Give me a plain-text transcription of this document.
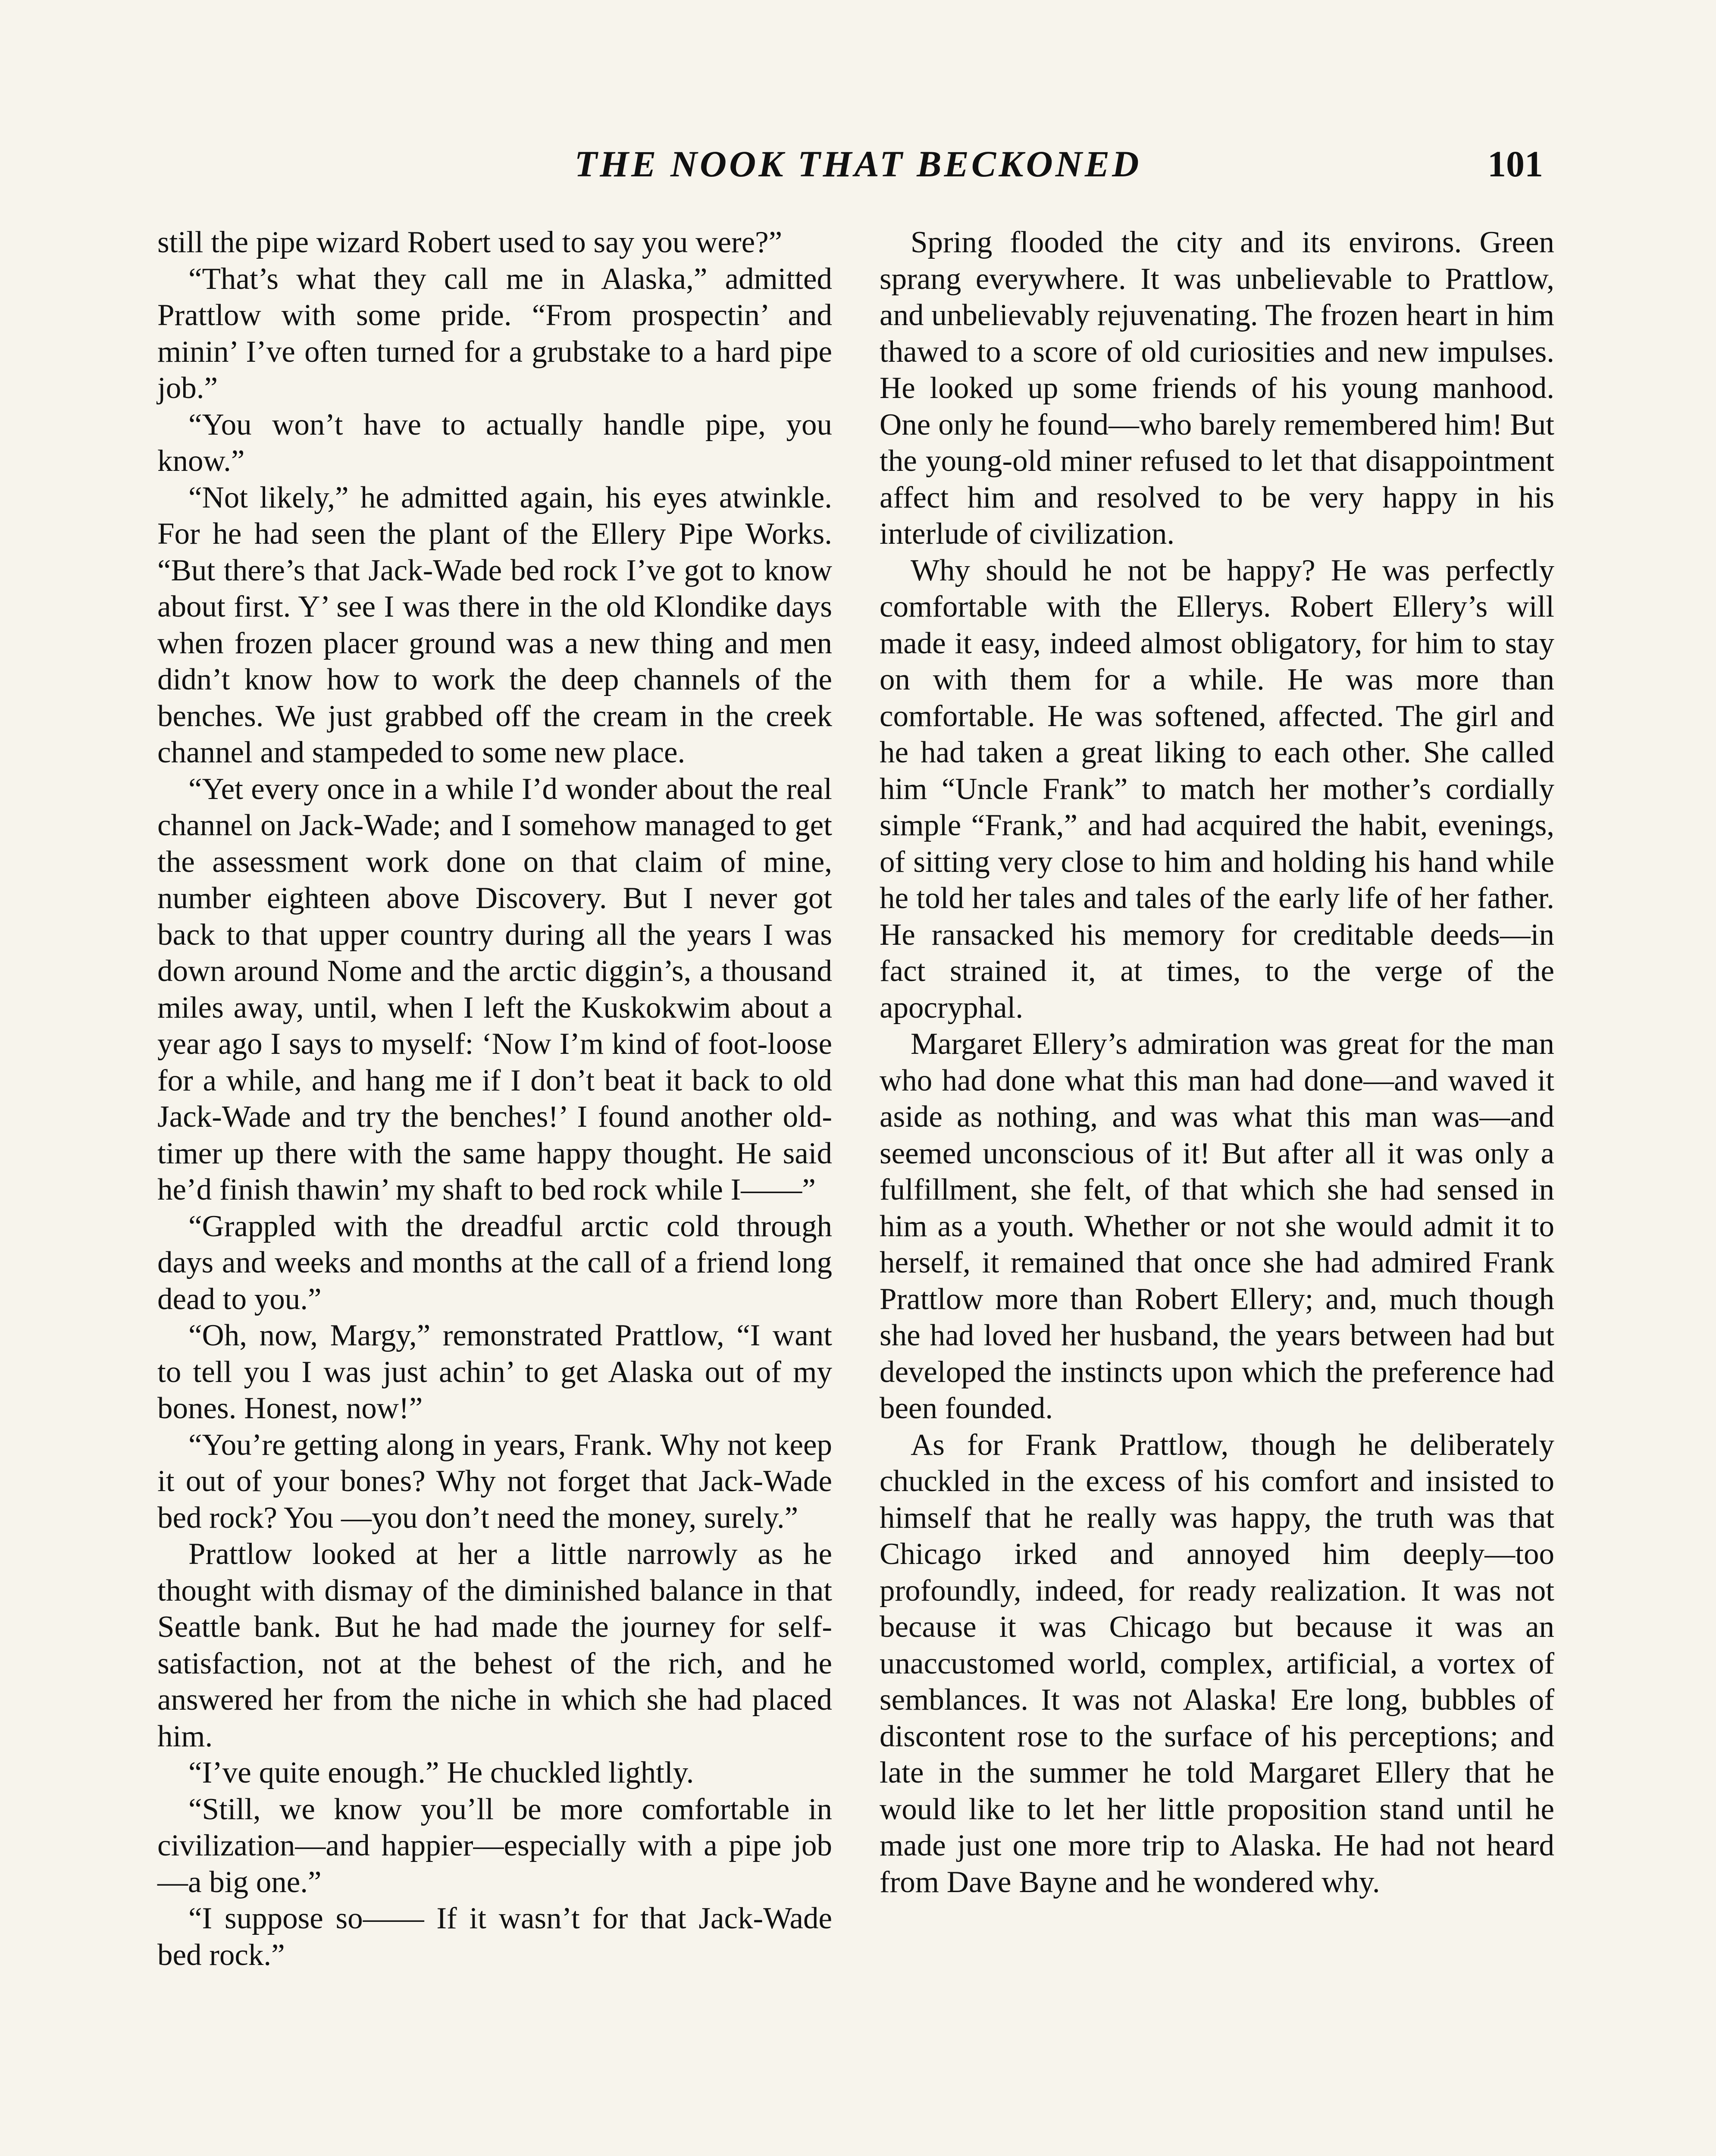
THE NOOK THAT BECKONED	101

still the pipe wizard Robert used to say you were?”

“That’s what they call me in Alaska,” admitted Prattlow with some pride. “From prospectin’ and minin’ I’ve often turned for a grubstake to a hard pipe job.”

“You won’t have to actually handle pipe, you know.”

“Not likely,” he admitted again, his eyes atwinkle. For he had seen the plant of the Ellery Pipe Works. “But there’s that Jack-Wade bed rock I’ve got to know about first. Y’ see I was there in the old Klondike days when frozen placer ground was a new thing and men didn’t know how to work the deep channels of the benches. We just grabbed off the cream in the creek channel and stampeded to some new place.

“Yet every once in a while I’d wonder about the real channel on Jack-Wade; and I somehow managed to get the assessment work done on that claim of mine, number eighteen above Discovery. But I never got back to that upper country during all the years I was down around Nome and the arctic diggin’s, a thousand miles away, until, when I left the Kuskokwim about a year ago I says to myself: ‘Now I’m kind of foot-loose for a while, and hang me if I don’t beat it back to old Jack-Wade and try the benches!’ I found another old-timer up there with the same happy thought. He said he’d finish thawin’ my shaft to bed rock while I——”

“Grappled with the dreadful arctic cold through days and weeks and months at the call of a friend long dead to you.”

“Oh, now, Margy,” remonstrated Prattlow, “I want to tell you I was just achin’ to get Alaska out of my bones. Honest, now!”

“You’re getting along in years, Frank. Why not keep it out of your bones? Why not forget that Jack-Wade bed rock? You —you don’t need the money, surely.”

Prattlow looked at her a little narrowly as he thought with dismay of the diminished balance in that Seattle bank. But he had made the journey for self-satisfaction, not at the behest of the rich, and he answered her from the niche in which she had placed him.

“I’ve quite enough.” He chuckled lightly.

“Still, we know you’ll be more comfortable in civilization—and happier—especially with a pipe job—a big one.”

“I suppose so—— If it wasn’t for that Jack-Wade bed rock.”

Spring flooded the city and its environs. Green sprang everywhere. It was unbelievable to Prattlow, and unbelievably rejuvenating. The frozen heart in him thawed to a score of old curiosities and new impulses. He looked up some friends of his young manhood. One only he found—who barely remembered him! But the young-old miner refused to let that disappointment affect him and resolved to be very happy in his interlude of civilization.

Why should he not be happy? He was perfectly comfortable with the Ellerys. Robert Ellery’s will made it easy, indeed almost obligatory, for him to stay on with them for a while. He was more than comfortable. He was softened, affected. The girl and he had taken a great liking to each other. She called him “Uncle Frank” to match her mother’s cordially simple “Frank,” and had acquired the habit, evenings, of sitting very close to him and holding his hand while he told her tales and tales of the early life of her father. He ransacked his memory for creditable deeds—in fact strained it, at times, to the verge of the apocryphal.

Margaret Ellery’s admiration was great for the man who had done what this man had done—and waved it aside as nothing, and was what this man was—and seemed unconscious of it! But after all it was only a fulfillment, she felt, of that which she had sensed in him as a youth. Whether or not she would admit it to herself, it remained that once she had admired Frank Prattlow more than Robert Ellery; and, much though she had loved her husband, the years between had but developed the instincts upon which the preference had been founded.

As for Frank Prattlow, though he deliberately chuckled in the excess of his comfort and insisted to himself that he really was happy, the truth was that Chicago irked and annoyed him deeply—too profoundly, indeed, for ready realization. It was not because it was Chicago but because it was an unaccustomed world, complex, artificial, a vortex of semblances. It was not Alaska! Ere long, bubbles of discontent rose to the surface of his perceptions; and late in the summer he told Margaret Ellery that he would like to let her little proposition stand until he made just one more trip to Alaska. He had not heard from Dave Bayne and he wondered why.
